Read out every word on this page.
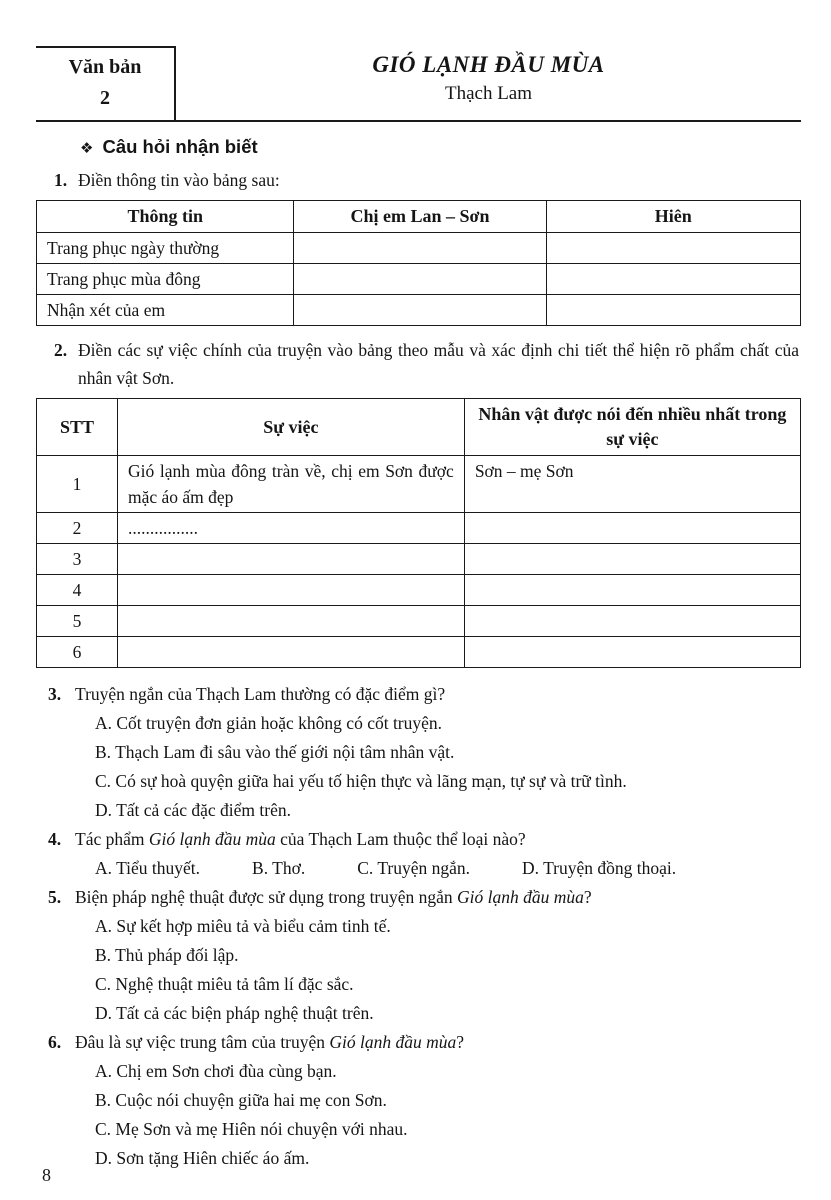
Văn bản
2
GIÓ LẠNH ĐẦU MÙA
Thạch Lam
❖ Câu hỏi nhận biết
1. Điền thông tin vào bảng sau:
Thông tin	Chị em Lan – Sơn	Hiên
Trang phục ngày thường		
Trang phục mùa đông		
Nhận xét của em		
2. Điền các sự việc chính của truyện vào bảng theo mẫu và xác định chi tiết thể hiện rõ phẩm chất của nhân vật Sơn.
STT	Sự việc	Nhân vật được nói đến nhiều nhất trong sự việc
1	Gió lạnh mùa đông tràn về, chị em Sơn được mặc áo ấm đẹp	Sơn – mẹ Sơn
2	................	
3		
4		
5		
6		
3. Truyện ngắn của Thạch Lam thường có đặc điểm gì?
A. Cốt truyện đơn giản hoặc không có cốt truyện.
B. Thạch Lam đi sâu vào thế giới nội tâm nhân vật.
C. Có sự hoà quyện giữa hai yếu tố hiện thực và lãng mạn, tự sự và trữ tình.
D. Tất cả các đặc điểm trên.
4. Tác phẩm Gió lạnh đầu mùa của Thạch Lam thuộc thể loại nào?
A. Tiểu thuyết.	B. Thơ.	C. Truyện ngắn.	D. Truyện đồng thoại.
5. Biện pháp nghệ thuật được sử dụng trong truyện ngắn Gió lạnh đầu mùa?
A. Sự kết hợp miêu tả và biểu cảm tinh tế.
B. Thủ pháp đối lập.
C. Nghệ thuật miêu tả tâm lí đặc sắc.
D. Tất cả các biện pháp nghệ thuật trên.
6. Đâu là sự việc trung tâm của truyện Gió lạnh đầu mùa?
A. Chị em Sơn chơi đùa cùng bạn.
B. Cuộc nói chuyện giữa hai mẹ con Sơn.
C. Mẹ Sơn và mẹ Hiên nói chuyện với nhau.
D. Sơn tặng Hiên chiếc áo ấm.
8
